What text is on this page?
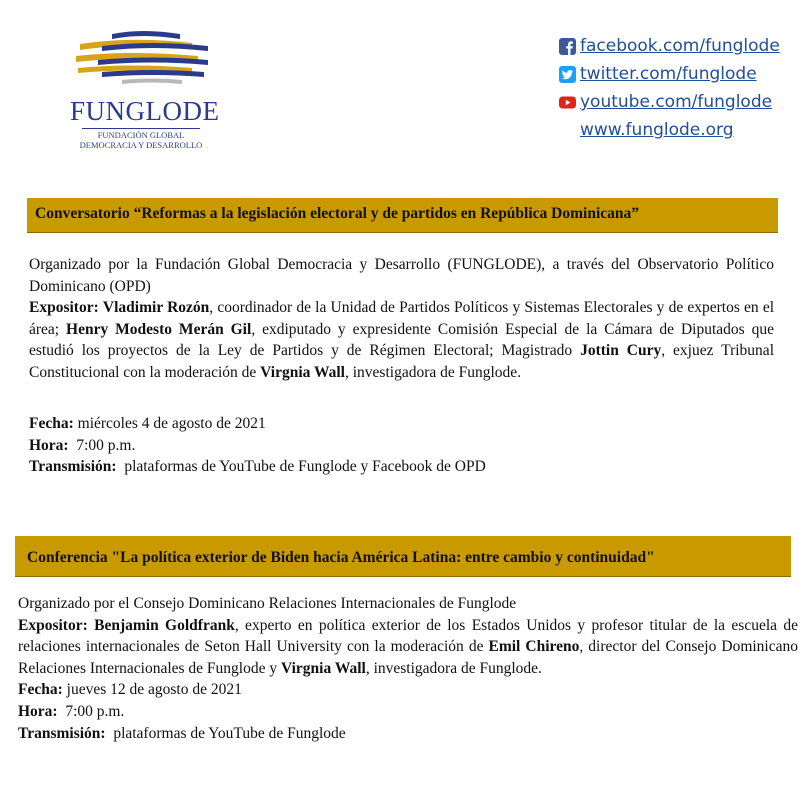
FUNGLODE
FUNDACIÓN GLOBAL
DEMOCRACIA Y DESARROLLO
facebook.com/funglode
twitter.com/funglode
youtube.com/funglode
www.funglode.org
Conversatorio “Reformas a la legislación electoral y de partidos en República Dominicana”

Organizado por la Fundación Global Democracia y Desarrollo (FUNGLODE), a través del Observatorio Político Dominicano (OPD)

Expositor: Vladimir Rozón, coordinador de la Unidad de Partidos Políticos y Sistemas Electorales y de expertos en el área; Henry Modesto Merán Gil, exdiputado y expresidente Comisión Especial de la Cámara de Diputados que estudió los proyectos de la Ley de Partidos y de Régimen Electoral; Magistrado Jottin Cury, exjuez Tribunal Constitucional con la moderación de Virgnia Wall, investigadora de Funglode.

Fecha: miércoles 4 de agosto de 2021

Hora: 7:00 p.m.

Transmisión: plataformas de YouTube de Funglode y Facebook de OPD

Conferencia "La política exterior de Biden hacia América Latina: entre cambio y continuidad"

Organizado por el Consejo Dominicano Relaciones Internacionales de Funglode

Expositor: Benjamin Goldfrank, experto en política exterior de los Estados Unidos y profesor titular de la escuela de relaciones internacionales de Seton Hall University con la moderación de Emil Chireno, director del Consejo Dominicano Relaciones Internacionales de Funglode y Virgnia Wall, investigadora de Funglode.

Fecha: jueves 12 de agosto de 2021

Hora: 7:00 p.m.

Transmisión: plataformas de YouTube de Funglode
